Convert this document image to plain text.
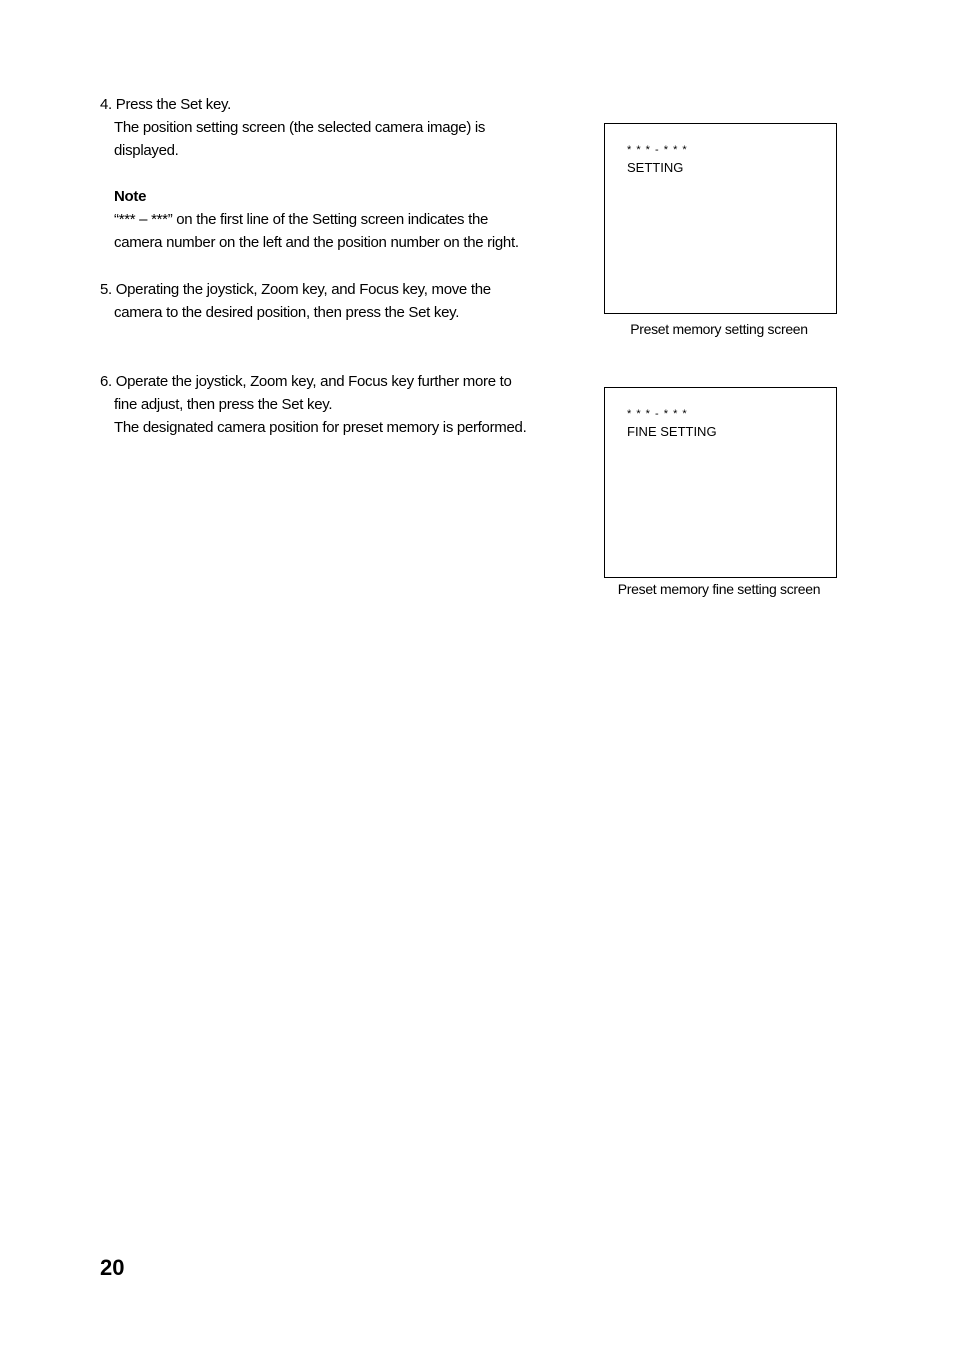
4. Press the Set key.
The position setting screen (the selected camera image) is
displayed.
Note
“*** – ***” on the first line of the Setting screen indicates the
camera number on the left and the position number on the right.
5. Operating the joystick, Zoom key, and Focus key, move the
camera to the desired position, then press the Set key.
6. Operate the joystick, Zoom key, and Focus key further more to
fine adjust, then press the Set key.
The designated camera position for preset memory is performed.
* * * - * * *
SETTING
Preset memory setting screen
* * * - * * *
FINE SETTING
Preset memory fine setting screen
20
